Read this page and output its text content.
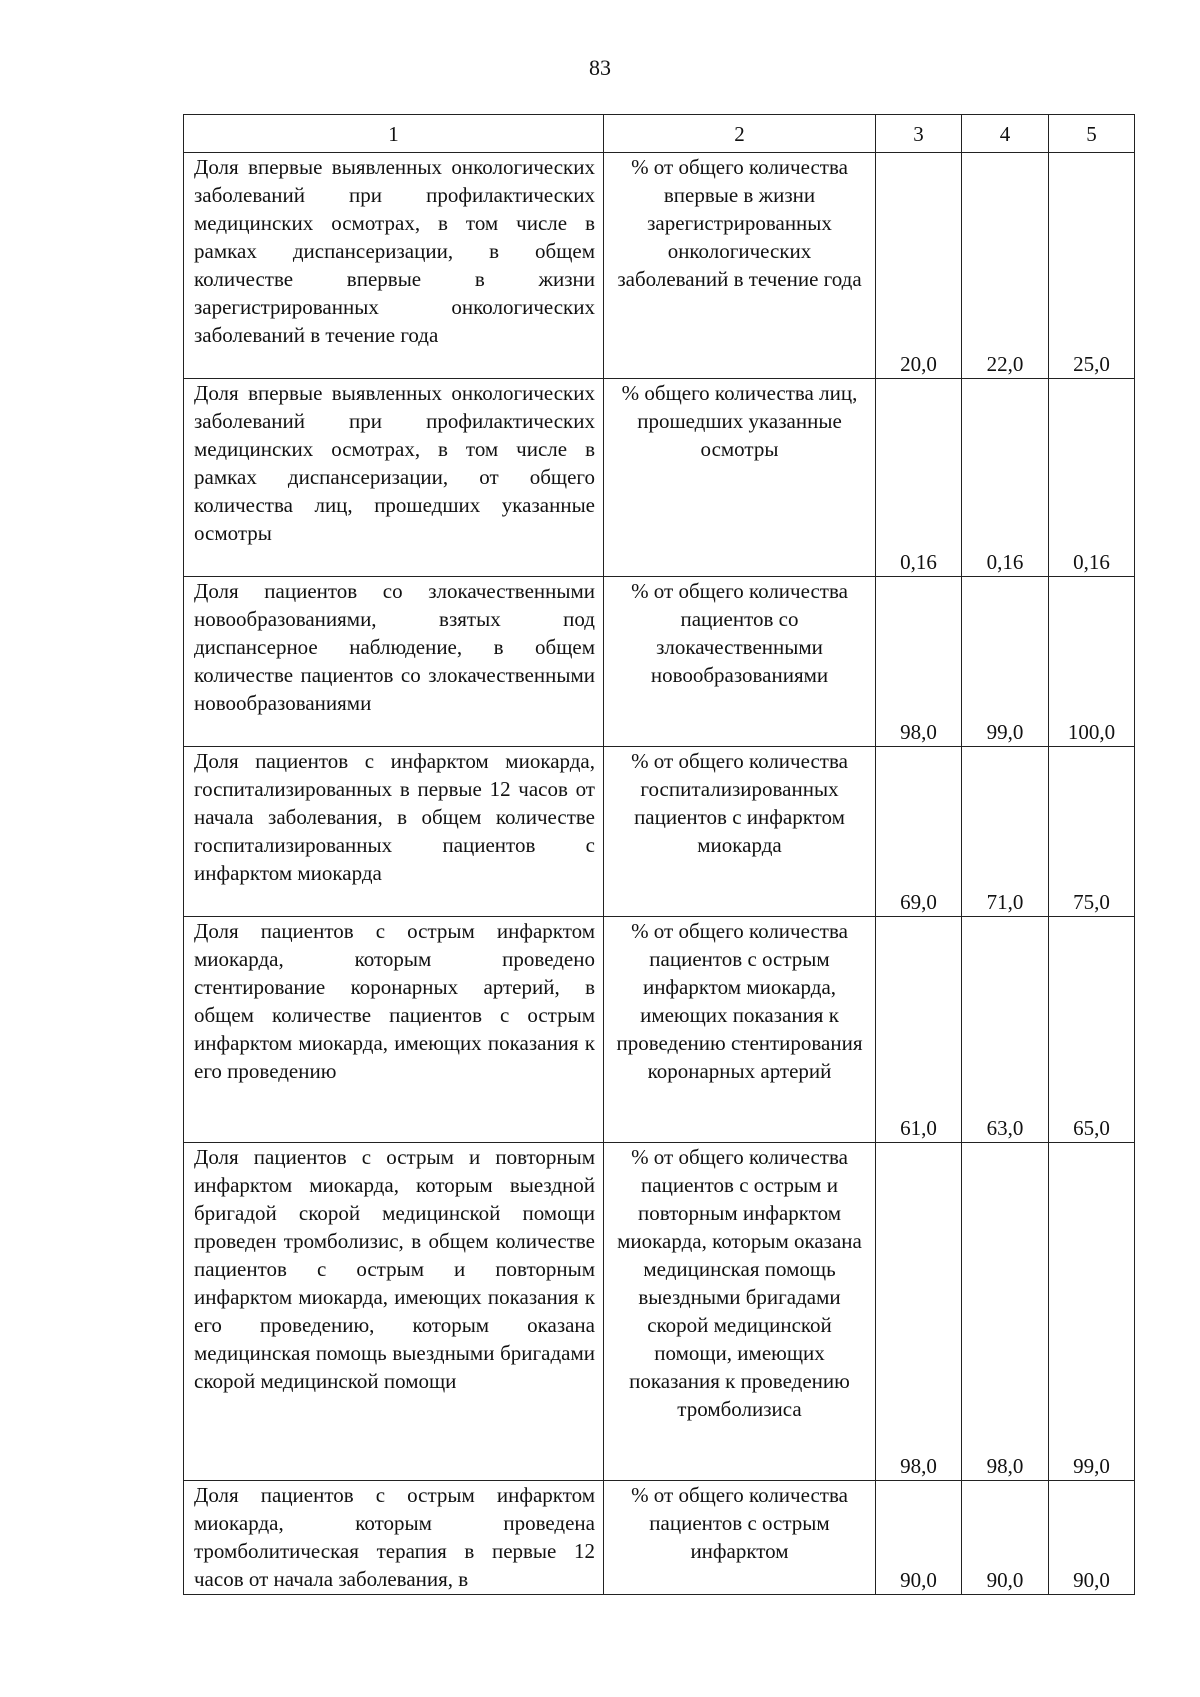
83
1	2	3	4	5
Доля впервые выявленных онкологических заболеваний при профилактических медицинских осмотрах, в том числе в рамках диспансеризации, в общем количестве впервые в жизни зарегистрированных онкологических заболеваний в течение года	% от общего количества впервые в жизни зарегистрированных онкологических заболеваний в течение года	20,0	22,0	25,0
Доля впервые выявленных онкологических заболеваний при профилактических медицинских осмотрах, в том числе в рамках диспансеризации, от общего количества лиц, прошедших указанные осмотры	% общего количества лиц, прошедших указанные осмотры	0,16	0,16	0,16
Доля пациентов со злокачественными новообразованиями, взятых под диспансерное наблюдение, в общем количестве пациентов со злокачественными новообразованиями	% от общего количества пациентов со злокачественными новообразованиями	98,0	99,0	100,0
Доля пациентов с инфарктом миокарда, госпитализированных в первые 12 часов от начала заболевания, в общем количестве госпитализированных пациентов с инфарктом миокарда	% от общего количества госпитализированных пациентов с инфарктом миокарда	69,0	71,0	75,0
Доля пациентов с острым инфарктом миокарда, которым проведено стентирование коронарных артерий, в общем количестве пациентов с острым инфарктом миокарда, имеющих показания к его проведению	% от общего количества пациентов с острым инфарктом миокарда, имеющих показания к проведению стентирования коронарных артерий	61,0	63,0	65,0
Доля пациентов с острым и повторным инфарктом миокарда, которым выездной бригадой скорой медицинской помощи проведен тромболизис, в общем количестве пациентов с острым и повторным инфарктом миокарда, имеющих показания к его проведению, которым оказана медицинская помощь выездными бригадами скорой медицинской помощи	% от общего количества пациентов с острым и повторным инфарктом миокарда, которым оказана медицинская помощь выездными бригадами скорой медицинской помощи, имеющих показания к проведению тромболизиса	98,0	98,0	99,0
Доля пациентов с острым инфарктом миокарда, которым проведена тромболитическая терапия в первые 12 часов от начала заболевания, в	% от общего количества пациентов с острым инфарктом	90,0	90,0	90,0
